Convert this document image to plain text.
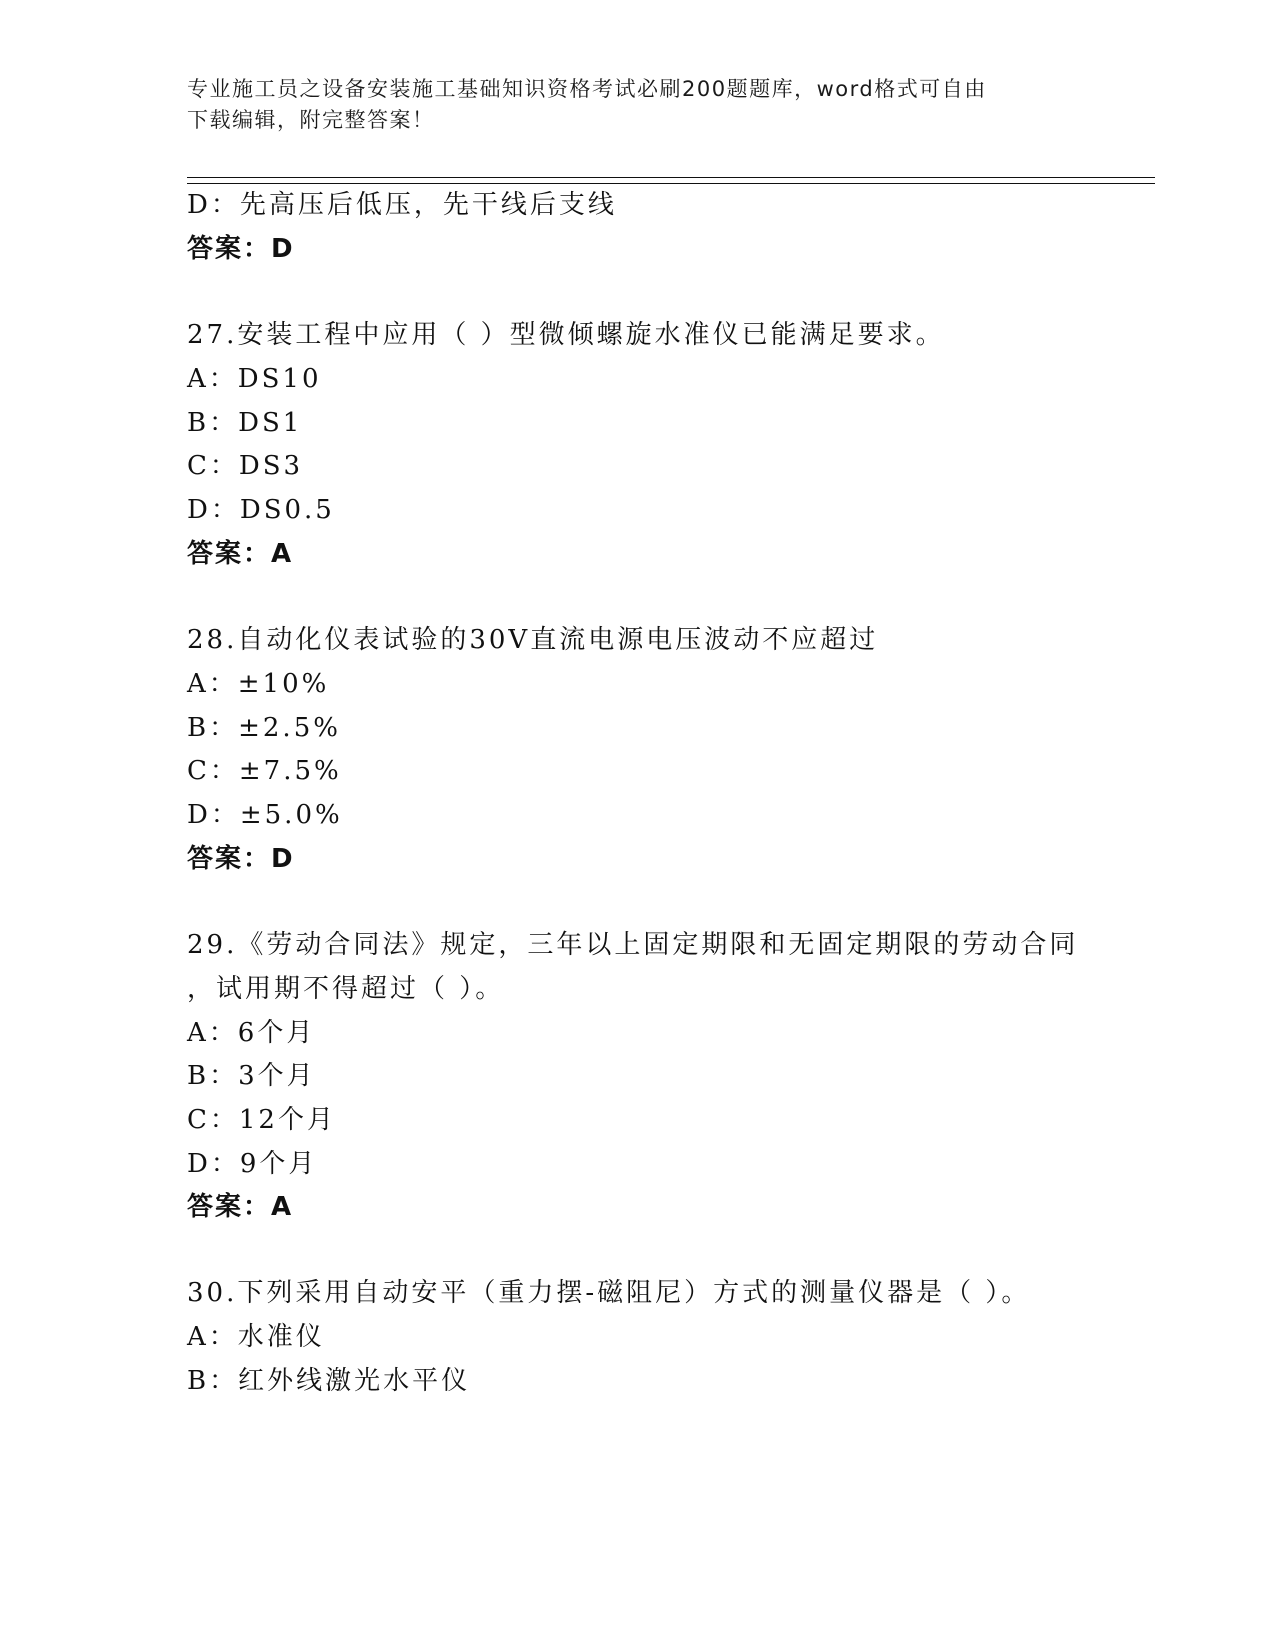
专业施工员之设备安装施工基础知识资格考试必刷200题题库，word格式可自由
下载编辑，附完整答案！
D：先高压后低压，先干线后支线
答案：D
27.安装工程中应用（ ）型微倾螺旋水准仪已能满足要求。
A：DS10
B：DS1
C：DS3
D：DS0.5
答案：A
28.自动化仪表试验的30V直流电源电压波动不应超过
A：±10%
B：±2.5%
C：±7.5%
D：±5.0%
答案：D
29.《劳动合同法》规定，三年以上固定期限和无固定期限的劳动合同
，试用期不得超过（ ）。
A：6个月
B：3个月
C：12个月
D：9个月
答案：A
30.下列采用自动安平（重力摆-磁阻尼）方式的测量仪器是（ ）。
A：水准仪
B：红外线激光水平仪
